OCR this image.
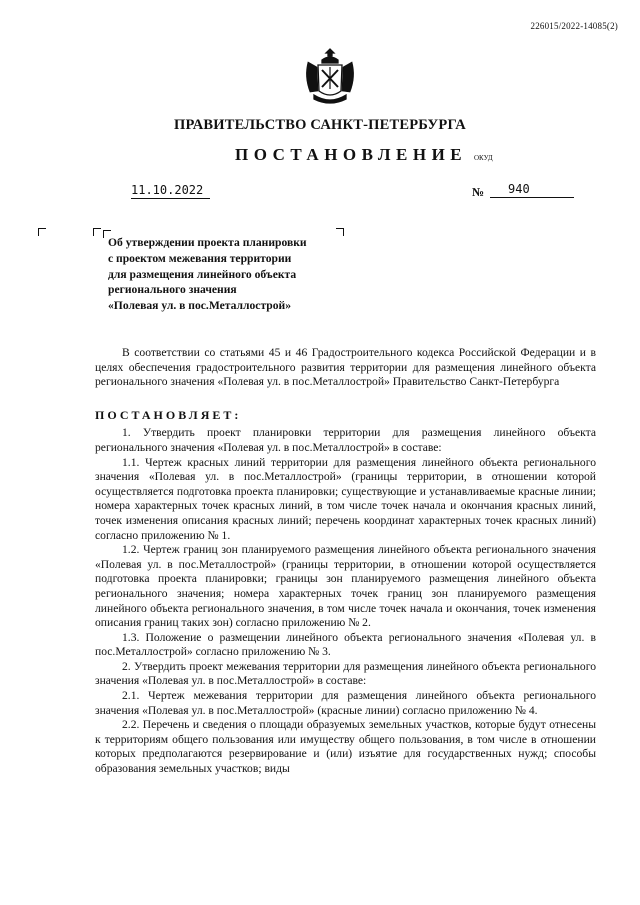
226015/2022-14085(2)
ПРАВИТЕЛЬСТВО САНКТ-ПЕТЕРБУРГА
ПОСТАНОВЛЕНИЕ ОКУД
11.10.2022	№	940
Об утверждении проекта планировки
с проектом межевания территории
для размещения линейного объекта
регионального значения
«Полевая ул. в пос.Металлострой»
В соответствии со статьями 45 и 46 Градостроительного кодекса Российской Федерации и в целях обеспечения градостроительного развития территории для размещения линейного объекта регионального значения «Полевая ул. в пос.Металлострой» Правительство Санкт-Петербурга
ПОСТАНОВЛЯЕТ:
1. Утвердить проект планировки территории для размещения линейного объекта регионального значения «Полевая ул. в пос.Металлострой» в составе:
1.1. Чертеж красных линий территории для размещения линейного объекта регионального значения «Полевая ул. в пос.Металлострой» (границы территории, в отношении которой осуществляется подготовка проекта планировки; существующие и устанавливаемые красные линии; номера характерных точек красных линий, в том числе точек начала и окончания красных линий, точек изменения описания красных линий; перечень координат характерных точек красных линий) согласно приложению № 1.
1.2. Чертеж границ зон планируемого размещения линейного объекта регионального значения «Полевая ул. в пос.Металлострой» (границы территории, в отношении которой осуществляется подготовка проекта планировки; границы зон планируемого размещения линейного объекта регионального значения; номера характерных точек границ зон планируемого размещения линейного объекта регионального значения, в том числе точек начала и окончания, точек изменения описания границ таких зон) согласно приложению № 2.
1.3. Положение о размещении линейного объекта регионального значения «Полевая ул. в пос.Металлострой» согласно приложению № 3.
2. Утвердить проект межевания территории для размещения линейного объекта регионального значения «Полевая ул. в пос.Металлострой» в составе:
2.1. Чертеж межевания территории для размещения линейного объекта регионального значения «Полевая ул. в пос.Металлострой» (красные линии) согласно приложению № 4.
2.2. Перечень и сведения о площади образуемых земельных участков, которые будут отнесены к территориям общего пользования или имуществу общего пользования, в том числе в отношении которых предполагаются резервирование и (или) изъятие для государственных нужд; способы образования земельных участков; виды
